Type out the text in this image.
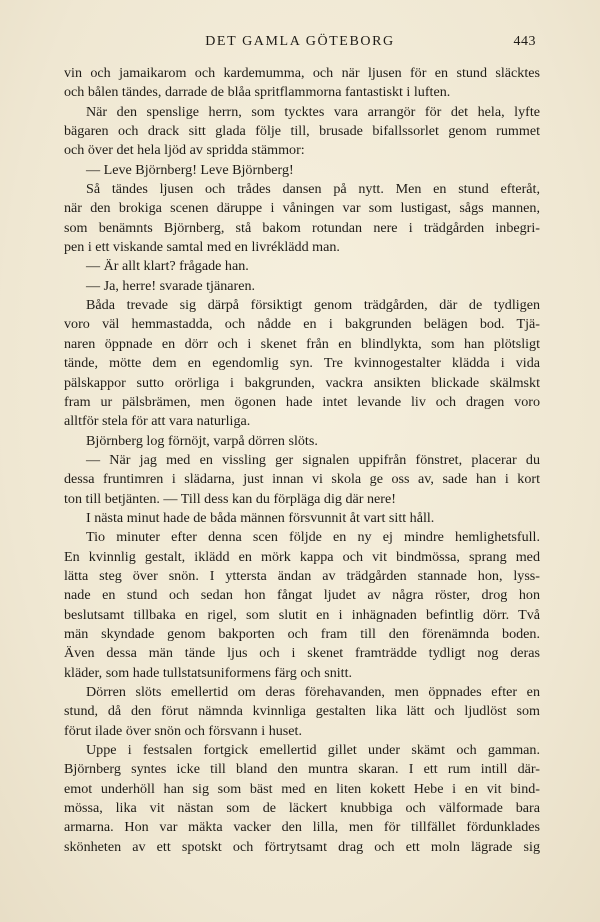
DET GAMLA GÖTEBORG	443
vin och jamaikarom och kardemumma, och när ljusen för en stund släcktes
och bålen tändes, darrade de blåa spritflammorna fantastiskt i luften.
När den spenslige herrn, som tycktes vara arrangör för det hela, lyfte
bägaren och drack sitt glada följe till, brusade bifallssorlet genom rummet
och över det hela ljöd av spridda stämmor:
— Leve Björnberg! Leve Björnberg!
Så tändes ljusen och trådes dansen på nytt. Men en stund efteråt,
när den brokiga scenen däruppe i våningen var som lustigast, sågs mannen,
som benämnts Björnberg, stå bakom rotundan nere i trädgården inbegri-
pen i ett viskande samtal med en livréklädd man.
— Är allt klart? frågade han.
— Ja, herre! svarade tjänaren.
Båda trevade sig därpå försiktigt genom trädgården, där de tydligen
voro väl hemmastadda, och nådde en i bakgrunden belägen bod. Tjä-
naren öppnade en dörr och i skenet från en blindlykta, som han plötsligt
tände, mötte dem en egendomlig syn. Tre kvinnogestalter klädda i vida
pälskappor sutto orörliga i bakgrunden, vackra ansikten blickade skälmskt
fram ur pälsbrämen, men ögonen hade intet levande liv och dragen voro
alltför stela för att vara naturliga.
Björnberg log förnöjt, varpå dörren slöts.
— När jag med en vissling ger signalen uppifrån fönstret, placerar du
dessa fruntimren i slädarna, just innan vi skola ge oss av, sade han i kort
ton till betjänten. — Till dess kan du förpläga dig där nere!
I nästa minut hade de båda männen försvunnit åt vart sitt håll.
Tio minuter efter denna scen följde en ny ej mindre hemlighetsfull.
En kvinnlig gestalt, iklädd en mörk kappa och vit bindmössa, sprang med
lätta steg över snön. I yttersta ändan av trädgården stannade hon, lyss-
nade en stund och sedan hon fångat ljudet av några röster, drog hon
beslutsamt tillbaka en rigel, som slutit en i inhägnaden befintlig dörr. Två
män skyndade genom bakporten och fram till den förenämnda boden.
Även dessa män tände ljus och i skenet framträdde tydligt nog deras
kläder, som hade tullstatsuniformens färg och snitt.
Dörren slöts emellertid om deras förehavanden, men öppnades efter en
stund, då den förut nämnda kvinnliga gestalten lika lätt och ljudlöst som
förut ilade över snön och försvann i huset.
Uppe i festsalen fortgick emellertid gillet under skämt och gamman.
Björnberg syntes icke till bland den muntra skaran. I ett rum intill där-
emot underhöll han sig som bäst med en liten kokett Hebe i en vit bind-
mössa, lika vit nästan som de läckert knubbiga och välformade bara
armarna. Hon var mäkta vacker den lilla, men för tillfället fördunklades
skönheten av ett spotskt och förtrytsamt drag och ett moln lägrade sig
